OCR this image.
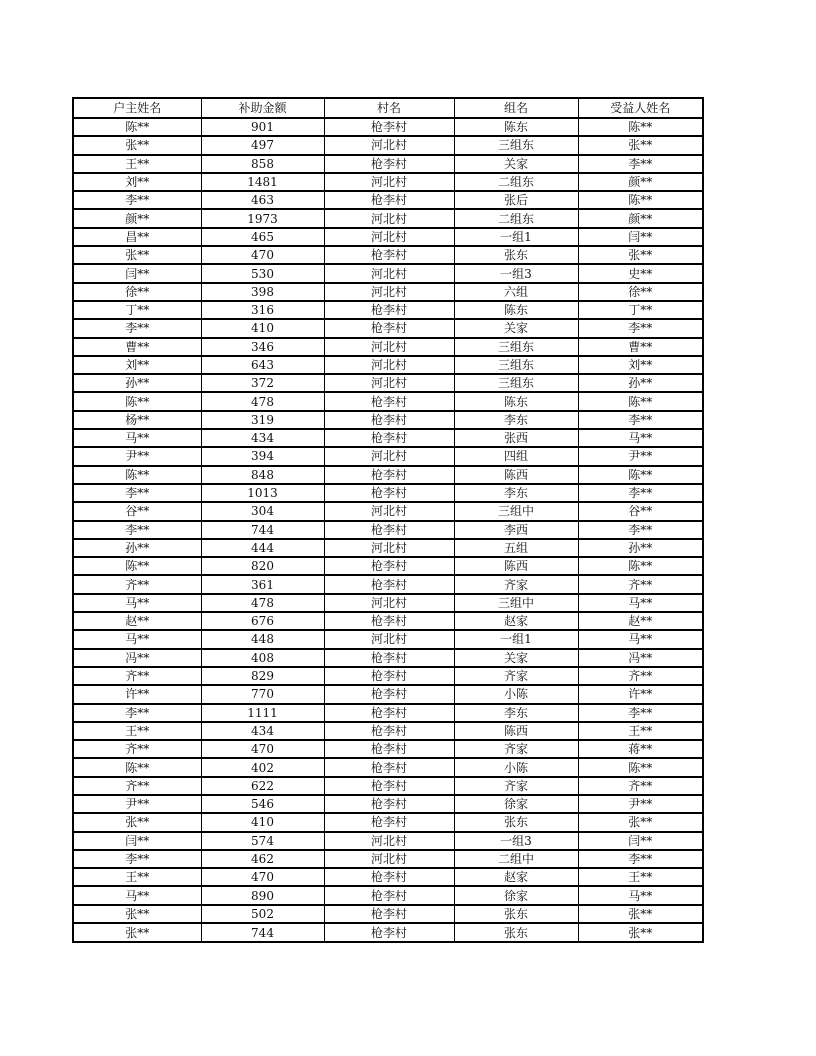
户主姓名	补助金额	村名	组名	受益人姓名
陈**	901	枪李村	陈东	陈**
张**	497	河北村	三组东	张**
王**	858	枪李村	关家	李**
刘**	1481	河北村	二组东	颜**
李**	463	枪李村	张后	陈**
颜**	1973	河北村	二组东	颜**
昌**	465	河北村	一组1	闫**
张**	470	枪李村	张东	张**
闫**	530	河北村	一组3	史**
徐**	398	河北村	六组	徐**
丁**	316	枪李村	陈东	丁**
李**	410	枪李村	关家	李**
曹**	346	河北村	三组东	曹**
刘**	643	河北村	三组东	刘**
孙**	372	河北村	三组东	孙**
陈**	478	枪李村	陈东	陈**
杨**	319	枪李村	李东	李**
马**	434	枪李村	张西	马**
尹**	394	河北村	四组	尹**
陈**	848	枪李村	陈西	陈**
李**	1013	枪李村	李东	李**
谷**	304	河北村	三组中	谷**
李**	744	枪李村	李西	李**
孙**	444	河北村	五组	孙**
陈**	820	枪李村	陈西	陈**
齐**	361	枪李村	齐家	齐**
马**	478	河北村	三组中	马**
赵**	676	枪李村	赵家	赵**
马**	448	河北村	一组1	马**
冯**	408	枪李村	关家	冯**
齐**	829	枪李村	齐家	齐**
许**	770	枪李村	小陈	许**
李**	1111	枪李村	李东	李**
王**	434	枪李村	陈西	王**
齐**	470	枪李村	齐家	蒋**
陈**	402	枪李村	小陈	陈**
齐**	622	枪李村	齐家	齐**
尹**	546	枪李村	徐家	尹**
张**	410	枪李村	张东	张**
闫**	574	河北村	一组3	闫**
李**	462	河北村	二组中	李**
王**	470	枪李村	赵家	王**
马**	890	枪李村	徐家	马**
张**	502	枪李村	张东	张**
张**	744	枪李村	张东	张**
